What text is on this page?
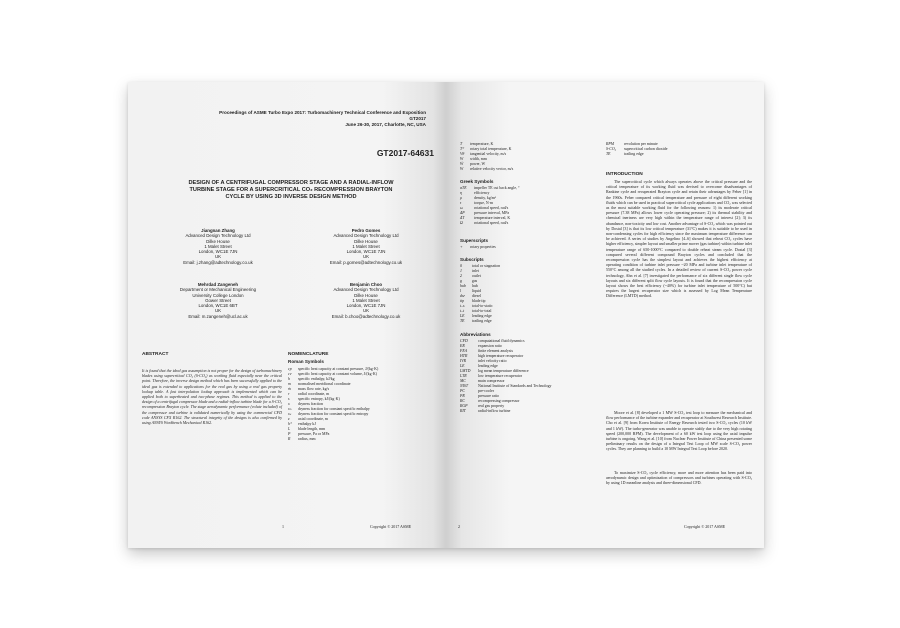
Proceedings of ASME Turbo Expo 2017: Turbomachinery Technical Conference and Exposition
GT2017
June 26-30, 2017, Charlotte, NC, USA
GT2017-64631
DESIGN OF A CENTRIFUGAL COMPRESSOR STAGE AND A RADIAL-INFLOW
TURBINE STAGE FOR A SUPERCRITICAL CO₂ RECOMPRESSION BRAYTON
CYCLE BY USING 3D INVERSE DESIGN METHOD
Jiangnan Zhang
Advanced Design Technology Ltd
Dilke House
1 Malet Street
London, WC1E 7JN
UK
Email: j.zhang@adtechnology.co.uk
Pedro Gomes
Advanced Design Technology Ltd
Dilke House
1 Malet Street
London, WC1E 7JN
UK
Email: p.gomes@adtechnology.co.uk
Mehrdad Zangeneh
Department or Mechanical Engineering
University College London
Gower Street
London, WC1E 6BT
UK
Email: m.zangeneh@ucl.ac.uk
Benjamin Choo
Advanced Design Technology Ltd
Dilke House
1 Malet Street
London, WC1E 7JN
UK
Email: b.choo@adtechnology.co.uk
ABSTRACT
It is found that the ideal gas assumption is not proper for the design of turbomachinery blades using supercritical CO₂ (S-CO₂) as working fluid especially near the critical point. Therefore, the inverse design method which has been successfully applied to the ideal gas is extended to applications for the real gas by using a real gas property lookup table. A fast interpolation lookup approach is implemented which can be applied both to superheated and two-phase regimes. This method is applied to the design of a centrifugal compressor blade and a radial-inflow turbine blade for a S-CO₂ recompression Brayton cycle. The stage aerodynamic performance (volute included) of the compressor and turbine is validated numerically by using the commercial CFD code ANSYS CFX R162. The structural integrity of the designs is also confirmed by using ANSYS Workbench Mechanical R162.
NOMENCLATURE
Roman Symbols
cp	specific heat capacity at constant pressure, J/(kg·K)
cv	specific heat capacity at constant volume, J/(kg·K)
h	specific enthalpy, kJ/kg
m	normalised meridional coordinate
ṁ	mass flow rate, kg/s
r	radial coordinate, m
s	specific entropy, kJ/(kg·K)
x	dryness fraction
xₕ	dryness fraction for constant specific enthalpy
xₛ	dryness fraction for constant specific entropy
z	axial coordinate, m
h⁰	enthalpy kJ
L	blade length, mm
P	pressure, Pa or MPa
R	radius, mm
1	Copyright © 2017 ASME
T	temperature, K
T⁰	rotary total temperature, K
Vθ	tangential velocity, m/s
W	width, mm
Ẇ	power, W
W	relative velocity vector, m/s
Greek Symbols
αTE	impeller TE cut back angle, °
η	efficiency
ρ	density, kg/m³
τ	torque, N·m
ω	rotational speed, rad/s
ΔP	pressure interval, MPa
ΔT	temperature interval, K
Ω	rotational speed, rad/s
Superscripts
+	rotary properties
Subscripts
0	total or stagnation
1	inlet
2	outlet
g	gas
hub	hub
l	liquid
dsr	diesel
tip	blade tip
t–s	total-to-static
t–t	total-to-total
LE	leading edge
TE	trailing edge
Abbreviations
CFD	computational fluid dynamics
ER	expansion ratio
FEA	finite element analysis
HTR	high temperature recuperator
IVR	inlet velocity ratio
LE	leading edge
LMTD	log mean temperature difference
LTR	low temperature recuperator
MC	main compressor
NIST	National Institute of Standards and Technology
PC	pre-cooler
PR	pressure ratio
RC	recompressing compressor
RGP	real gas property
RIT	radial-inflow turbine
RPM	revolution per minute
S-CO₂	supercritical carbon dioxide
TE	trailing edge
INTRODUCTION
The supercritical cycle which always operates above the critical pressure and the critical temperature of its working fluid was devised to overcome disadvantages of Rankine cycle and recuperated Brayton cycle and retain their advantages by Feher [1] in the 1960s. Feher compared critical temperature and pressure of eight different working fluids which can be used in practical supercritical cycle applications and CO₂ was selected as the most suitable working fluid for the following reasons: 1) its moderate critical pressure (7.38 MPa) allows lower cycle operating pressure; 2) its thermal stability and chemical inertness are very high within the temperature range of interest [2]; 3) its abundance, non-toxicity and low cost. Another advantage of S-CO₂ which was pointed out by Dostal [3] is that its low critical temperature (31°C) makes it is suitable to be used in non-condensing cycles for high efficiency since the maximum temperature difference can be achieved. A series of studies by Angelino [4–6] showed that reheat CO₂ cycles have higher efficiency, simpler layout and smaller prime mover (gas turbine) within turbine inlet temperature range of 650-1000°C compared to double reheat steam cycle. Dostal [3] compared several different compound Brayton cycles and concluded that the recompression cycle has the simplest layout and achieves the highest efficiency at operating condition of turbine inlet pressure ~20 MPa and turbine inlet temperature of 550°C among all the studied cycles. In a detailed review of current S-CO₂ power cycle technology, Ahn et al. [7] investigated the performance of six different single flow cycle layouts and six different split flow cycle layouts. It is found that the recompression cycle layout shows the best efficiency (~40%) for turbine inlet temperature of 500°C) but requires the largest recuperator size which is assessed by Log Mean Temperature Difference (LMTD) method.
Moore et al. [8] developed a 1 MW S-CO₂ test loop to measure the mechanical and flow performance of the turbine expander and recuperator at Southwest Research Institute. Cho et al. [9] from Korea Institute of Energy Research tested two S-CO₂ cycles (10 kW and 1 kW). The turbo-generator was unable to operate stably due to the very high rotating speed (200,000 RPM). The development of a 60 kW test loop using the axial impulse turbine is ongoing. Wang et al. [10] from Nuclear Power Institute of China presented some preliminary results on the design of a Integral Test Loop of MW scale S-CO₂ power cycles. They are planning to build a 10 MW Integral Test Loop before 2020.
To maximize S-CO₂ cycle efficiency, more and more attention has been paid into aerodynamic design and optimization of compressors and turbines operating with S-CO₂ by using 1D meanline analysis and three-dimensional CFD.
2	Copyright © 2017 ASME
